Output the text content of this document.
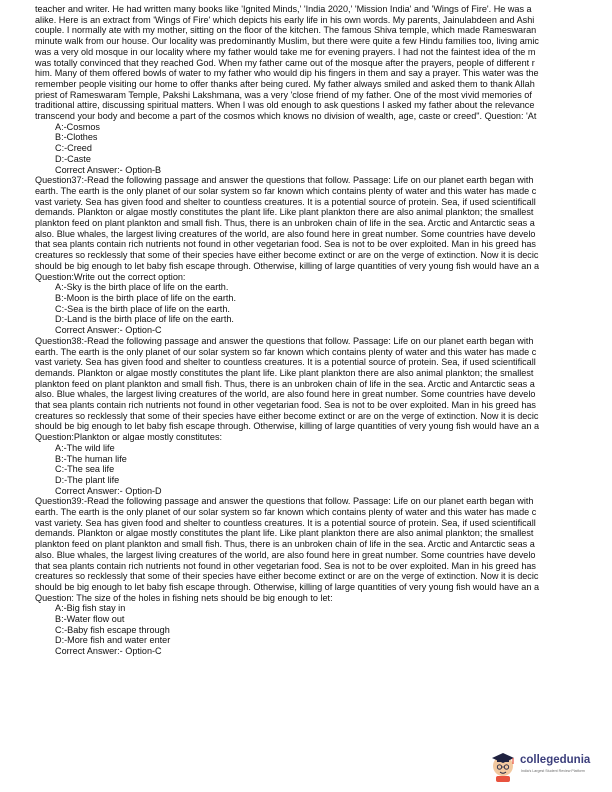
teacher and writer. He had written many books like 'Ignited Minds,' 'India 2020,' 'Mission India' and 'Wings of Fire'. He was a
alike. Here is an extract from 'Wings of Fire' which depicts his early life in his own words. My parents, Jainulabdeen and Ashi
couple. I normally ate with my mother, sitting on the floor of the kitchen. The famous Shiva temple, which made Rameswaran
minute walk from our house. Our locality was predominantly Muslim, but there were quite a few Hindu families too, living amic
was a very old mosque in our locality where my father would take me for evening prayers. I had not the faintest idea of the m
was totally convinced that they reached God. When my father came out of the mosque after the prayers, people of different r
him. Many of them offered bowls of water to my father who would dip his fingers in them and say a prayer. This water was the
remember people visiting our home to offer thanks after being cured. My father always smiled and asked them to thank Allah
priest of Rameswaram Temple, Pakshi Lakshmana, was a very 'close friend of my father. One of the most vivid memories of
traditional attire, discussing spiritual matters. When I was old enough to ask questions I asked my father about the relevance
transcend your body and become a part of the cosmos which knows no division of wealth, age, caste or creed". Question: 'At
A:-Cosmos
B:-Clothes
C:-Creed
D:-Caste
Correct Answer:- Option-B
Question37:-Read the following passage and answer the questions that follow. Passage: Life on our planet earth began with
earth. The earth is the only planet of our solar system so far known which contains plenty of water and this water has made c
vast variety. Sea has given food and shelter to countless creatures. It is a potential source of protein. Sea, if used scientificall
demands. Plankton or algae mostly constitutes the plant life. Like plant plankton there are also animal plankton; the smallest
plankton feed on plant plankton and small fish. Thus, there is an unbroken chain of life in the sea. Arctic and Antarctic seas a
also. Blue whales, the largest living creatures of the world, are also found here in great number. Some countries have develo
that sea plants contain rich nutrients not found in other vegetarian food. Sea is not to be over exploited. Man in his greed has
creatures so recklessly that some of their species have either become extinct or are on the verge of extinction. Now it is decic
should be big enough to let baby fish escape through. Otherwise, killing of large quantities of very young fish would have an a
Question:Write out the correct option:
A:-Sky is the birth place of life on the earth.
B:-Moon is the birth place of life on the earth.
C:-Sea is the birth place of life on the earth.
D:-Land is the birth place of life on the earth.
Correct Answer:- Option-C
Question38:-Read the following passage and answer the questions that follow. Passage: Life on our planet earth began with
earth. The earth is the only planet of our solar system so far known which contains plenty of water and this water has made c
vast variety. Sea has given food and shelter to countless creatures. It is a potential source of protein. Sea, if used scientificall
demands. Plankton or algae mostly constitutes the plant life. Like plant plankton there are also animal plankton; the smallest
plankton feed on plant plankton and small fish. Thus, there is an unbroken chain of life in the sea. Arctic and Antarctic seas a
also. Blue whales, the largest living creatures of the world, are also found here in great number. Some countries have develo
that sea plants contain rich nutrients not found in other vegetarian food. Sea is not to be over exploited. Man in his greed has
creatures so recklessly that some of their species have either become extinct or are on the verge of extinction. Now it is decic
should be big enough to let baby fish escape through. Otherwise, killing of large quantities of very young fish would have an a
Question:Plankton or algae mostly constitutes:
A:-The wild life
B:-The human life
C:-The sea life
D:-The plant life
Correct Answer:- Option-D
Question39:-Read the following passage and answer the questions that follow. Passage: Life on our planet earth began with
earth. The earth is the only planet of our solar system so far known which contains plenty of water and this water has made c
vast variety. Sea has given food and shelter to countless creatures. It is a potential source of protein. Sea, if used scientificall
demands. Plankton or algae mostly constitutes the plant life. Like plant plankton there are also animal plankton; the smallest
plankton feed on plant plankton and small fish. Thus, there is an unbroken chain of life in the sea. Arctic and Antarctic seas a
also. Blue whales, the largest living creatures of the world, are also found here in great number. Some countries have develo
that sea plants contain rich nutrients not found in other vegetarian food. Sea is not to be over exploited. Man in his greed has
creatures so recklessly that some of their species have either become extinct or are on the verge of extinction. Now it is decic
should be big enough to let baby fish escape through. Otherwise, killing of large quantities of very young fish would have an a
Question: The size of the holes in fishing nets should be big enough to let:
A:-Big fish stay in
B:-Water flow out
C:-Baby fish escape through
D:-More fish and water enter
Correct Answer:- Option-C
collegedunia
India's Largest Student Review Platform
